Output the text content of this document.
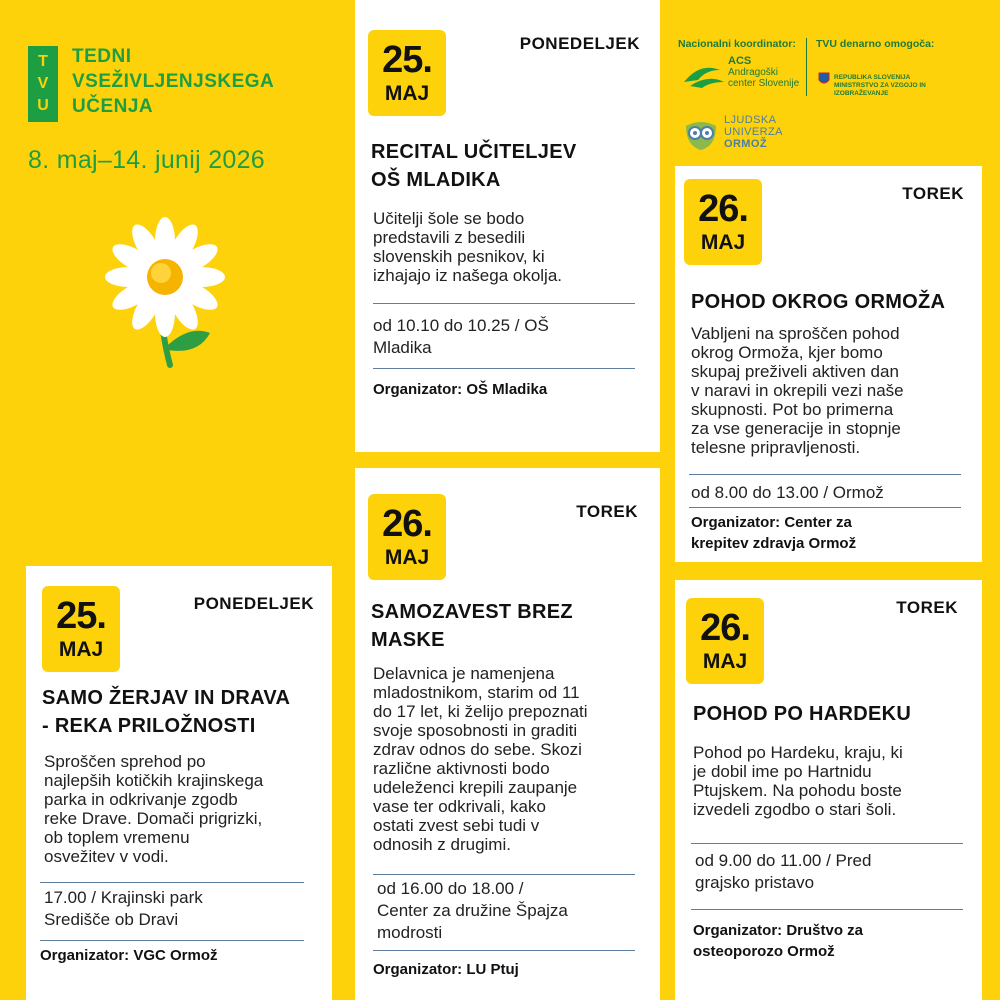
T
V
U
TEDNI
VSEŽIVLJENJSKEGA
UČENJA
8. maj–14. junij 2026
Nacionalni koordinator: TVU denarno omogoča:
ACS
Andragoški
center Slovenije
REPUBLIKA SLOVENIJA
MINISTRSTVO ZA VZGOJO IN IZOBRAŽEVANJE
LJUDSKA
UNIVERZA
ORMOŽ
25.
MAJ
PONEDELJEK
RECITAL UČITELJEV
OŠ MLADIKA
Učitelji šole se bodo
predstavili z besedili
slovenskih pesnikov, ki
izhajajo iz našega okolja.
od 10.10 do 10.25 / OŠ
Mladika
Organizator: OŠ Mladika
26.
MAJ
TOREK
POHOD OKROG ORMOŽA
Vabljeni na sproščen pohod
okrog Ormoža, kjer bomo
skupaj preživeli aktiven dan
v naravi in okrepili vezi naše
skupnosti. Pot bo primerna
za vse generacije in stopnje
telesne pripravljenosti.
od 8.00 do 13.00 / Ormož
Organizator: Center za
krepitev zdravja Ormož
26.
MAJ
TOREK
SAMOZAVEST BREZ
MASKE
Delavnica je namenjena
mladostnikom, starim od 11
do 17 let, ki želijo prepoznati
svoje sposobnosti in graditi
zdrav odnos do sebe. Skozi
različne aktivnosti bodo
udeleženci krepili zaupanje
vase ter odkrivali, kako
ostati zvest sebi tudi v
odnosih z drugimi.
od 16.00 do 18.00 /
Center za družine Špajza
modrosti
Organizator: LU Ptuj
25.
MAJ
PONEDELJEK
SAMO ŽERJAV IN DRAVA
- REKA PRILOŽNOSTI
Sproščen sprehod po
najlepših kotičkih krajinskega
parka in odkrivanje zgodb
reke Drave. Domači prigrizki,
ob toplem vremenu
osvežitev v vodi.
17.00 / Krajinski park
Središče ob Dravi
Organizator: VGC Ormož
26.
MAJ
TOREK
POHOD PO HARDEKU
Pohod po Hardeku, kraju, ki
je dobil ime po Hartnidu
Ptujskem. Na pohodu boste
izvedeli zgodbo o stari šoli.
od 9.00 do 11.00 / Pred
grajsko pristavo
Organizator: Društvo za
osteoporozo Ormož
